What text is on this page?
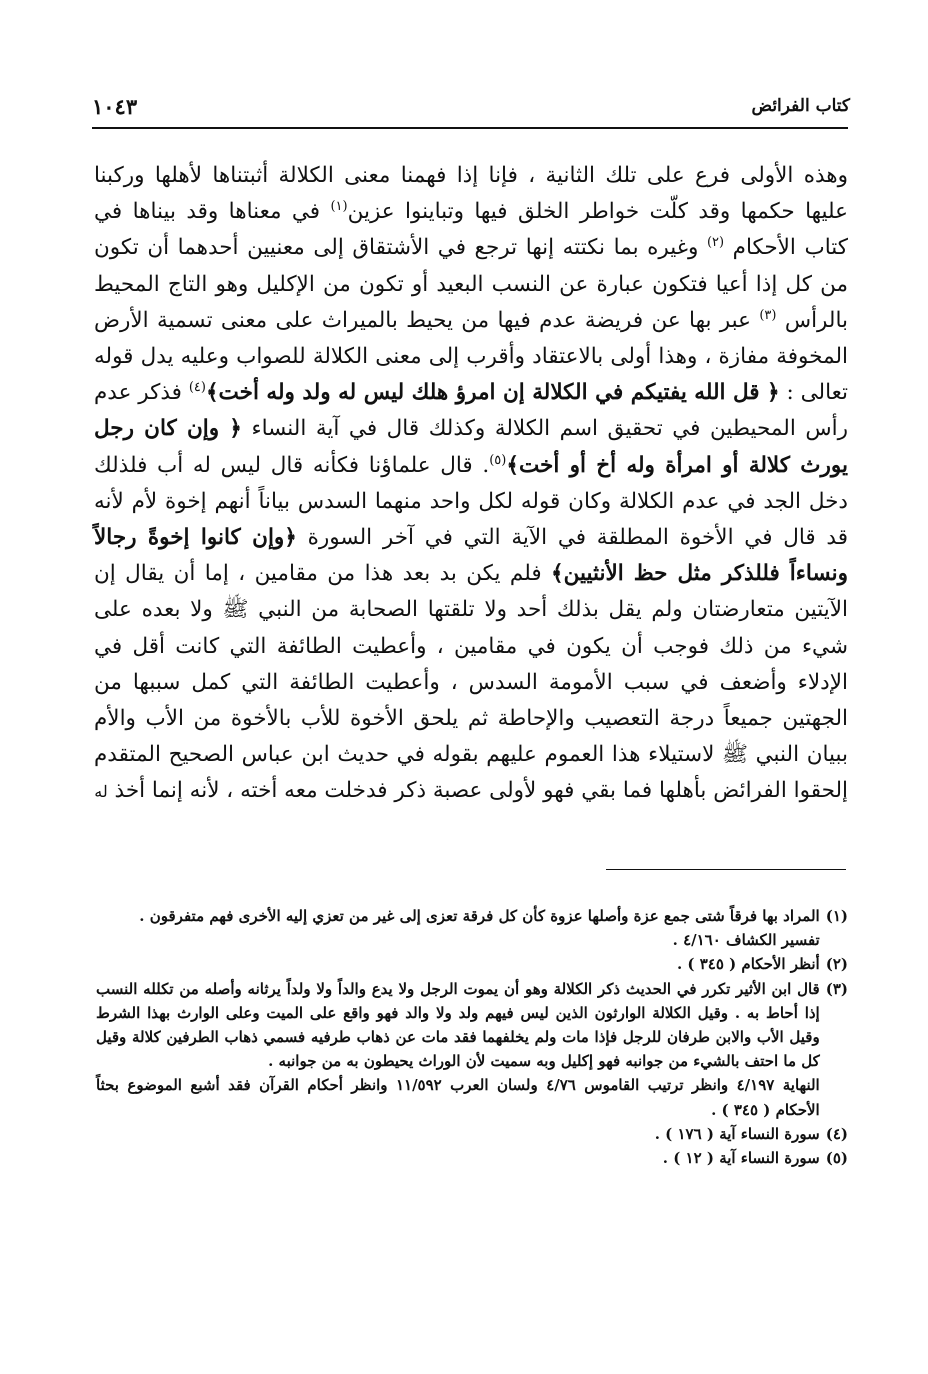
كتاب الفرائض
١٠٤٣

وهذه الأولى فرع على تلك الثانية ، فإنا إذا فهمنا معنى الكلالة أثبتناها لأهلها وركبنا عليها حكمها وقد كلّت خواطر الخلق فيها وتباينوا عزين$^{(١)}$ في معناها وقد بيناها في كتاب الأحكام $^{(٢)}$ وغيره بما نكتته إنها ترجع في الأشتقاق إلى معنيين أحدهما أن تكون من كل إذا أعيا فتكون عبارة عن النسب البعيد أو تكون من الإكليل وهو التاج المحيط بالرأس $^{(٣)}$ عبر بها عن فريضة عدم فيها من يحيط بالميراث على معنى تسمية الأرض المخوفة مفازة ، وهذا أولى بالاعتقاد وأقرب إلى معنى الكلالة للصواب وعليه يدل قوله تعالى : ﴿ قل الله يفتيكم في الكلالة إن امرؤ هلك ليس له ولد وله أخت﴾$^{(٤)}$ فذكر عدم رأس المحيطين في تحقيق اسم الكلالة وكذلك قال في آية النساء ﴿ وإن كان رجل يورث كلالة أو امرأة وله أخ أو أخت﴾$^{(٥)}$. قال علماؤنا فكأنه قال ليس له أب فلذلك دخل الجد في عدم الكلالة وكان قوله لكل واحد منهما السدس بياناً أنهم إخوة لأم لأنه قد قال في الأخوة المطلقة في الآية التي في آخر السورة ﴿وإن كانوا إخوةً رجالاً ونساءاً فللذكر مثل حظ الأنثيين﴾ فلم يكن بد بعد هذا من مقامين ، إما أن يقال إن الآيتين متعارضتان ولم يقل بذلك أحد ولا تلقتها الصحابة من النبي ﷺ ولا بعده على شيء من ذلك فوجب أن يكون في مقامين ، وأعطيت الطائفة التي كانت أقل في الإدلاء وأضعف في سبب الأمومة السدس ، وأعطيت الطائفة التي كمل سببها من الجهتين جميعاً درجة التعصيب والإحاطة ثم يلحق الأخوة للأب بالأخوة من الأب والأم ببيان النبي ﷺ لاستيلاء هذا العموم عليهم بقوله في حديث ابن عباس الصحيح المتقدم إلحقوا الفرائض بأهلها فما بقي فهو لأولى عصبة ذكر فدخلت معه أخته ، لأنه إنما أخذ له

(١)
المراد بها فرقاً شتى جمع عزة وأصلها عزوة كأن كل فرقة تعزى إلى غير من تعزي إليه الأخرى فهم متفرقون .
تفسير الكشاف ٤/١٦٠ .
(٢)
أنظر الأحكام ( ٣٤٥ ) .
(٣)
قال ابن الأثير تكرر في الحديث ذكر الكلالة وهو أن يموت الرجل ولا يدع والداً ولا ولداً يرثانه وأصله من تكلله النسب إذا أحاط به . وقيل الكلالة الوارثون الذين ليس فيهم ولد ولا والد فهو واقع على الميت وعلى الوارث بهذا الشرط وقيل الأب والابن طرفان للرجل فإذا مات ولم يخلفهما فقد مات عن ذهاب طرفيه فسمي ذهاب الطرفين كلالة وقيل كل ما احتف بالشيء من جوانبه فهو إكليل وبه سميت لأن الوراث يحيطون به من جوانبه .
النهاية ٤/١٩٧ وانظر ترتيب القاموس ٤/٧٦ ولسان العرب ١١/٥٩٢ وانظر أحكام القرآن فقد أشبع الموضوع بحثاً الأحكام ( ٣٤٥ ) .
(٤)
سورة النساء آية ( ١٧٦ ) .
(٥)
سورة النساء آية ( ١٢ ) .
